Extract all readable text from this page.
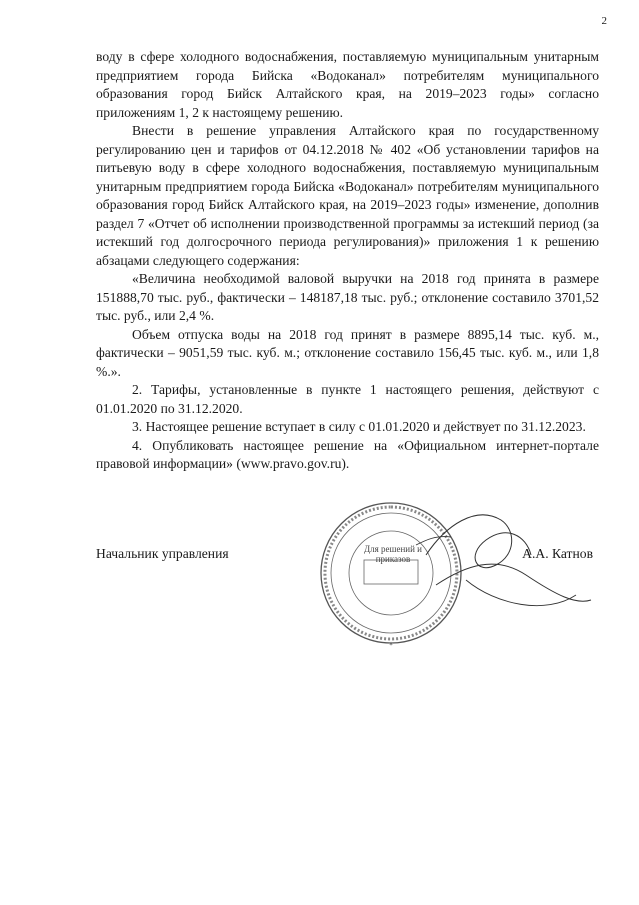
2

воду в сфере холодного водоснабжения, поставляемую муниципальным унитарным предприятием города Бийска «Водоканал» потребителям муниципального образования город Бийск Алтайского края, на 2019–2023 годы» согласно приложениям 1, 2 к настоящему решению.

Внести в решение управления Алтайского края по государственному регулированию цен и тарифов от 04.12.2018 № 402 «Об установлении тарифов на питьевую воду в сфере холодного водоснабжения, поставляемую муниципальным унитарным предприятием города Бийска «Водоканал» потребителям муниципального образования город Бийск Алтайского края, на 2019–2023 годы» изменение, дополнив раздел 7 «Отчет об исполнении производственной программы за истекший период (за истекший год долгосрочного периода регулирования)» приложения 1 к решению абзацами следующего содержания:

«Величина необходимой валовой выручки на 2018 год принята в размере 151888,70 тыс. руб., фактически – 148187,18 тыс. руб.; отклонение составило 3701,52 тыс. руб., или 2,4 %.

Объем отпуска воды на 2018 год принят в размере 8895,14 тыс. куб. м., фактически – 9051,59 тыс. куб. м.; отклонение составило 156,45 тыс. куб. м., или 1,8 %.».

2. Тарифы, установленные в пункте 1 настоящего решения, действуют с 01.01.2020 по 31.12.2020.

3. Настоящее решение вступает в силу с 01.01.2020 и действует по 31.12.2023.

4. Опубликовать настоящее решение на «Официальном интернет-портале правовой информации» (www.pravo.gov.ru).

Начальник управления
✶
Для решений и приказов	А.А. Катнов
